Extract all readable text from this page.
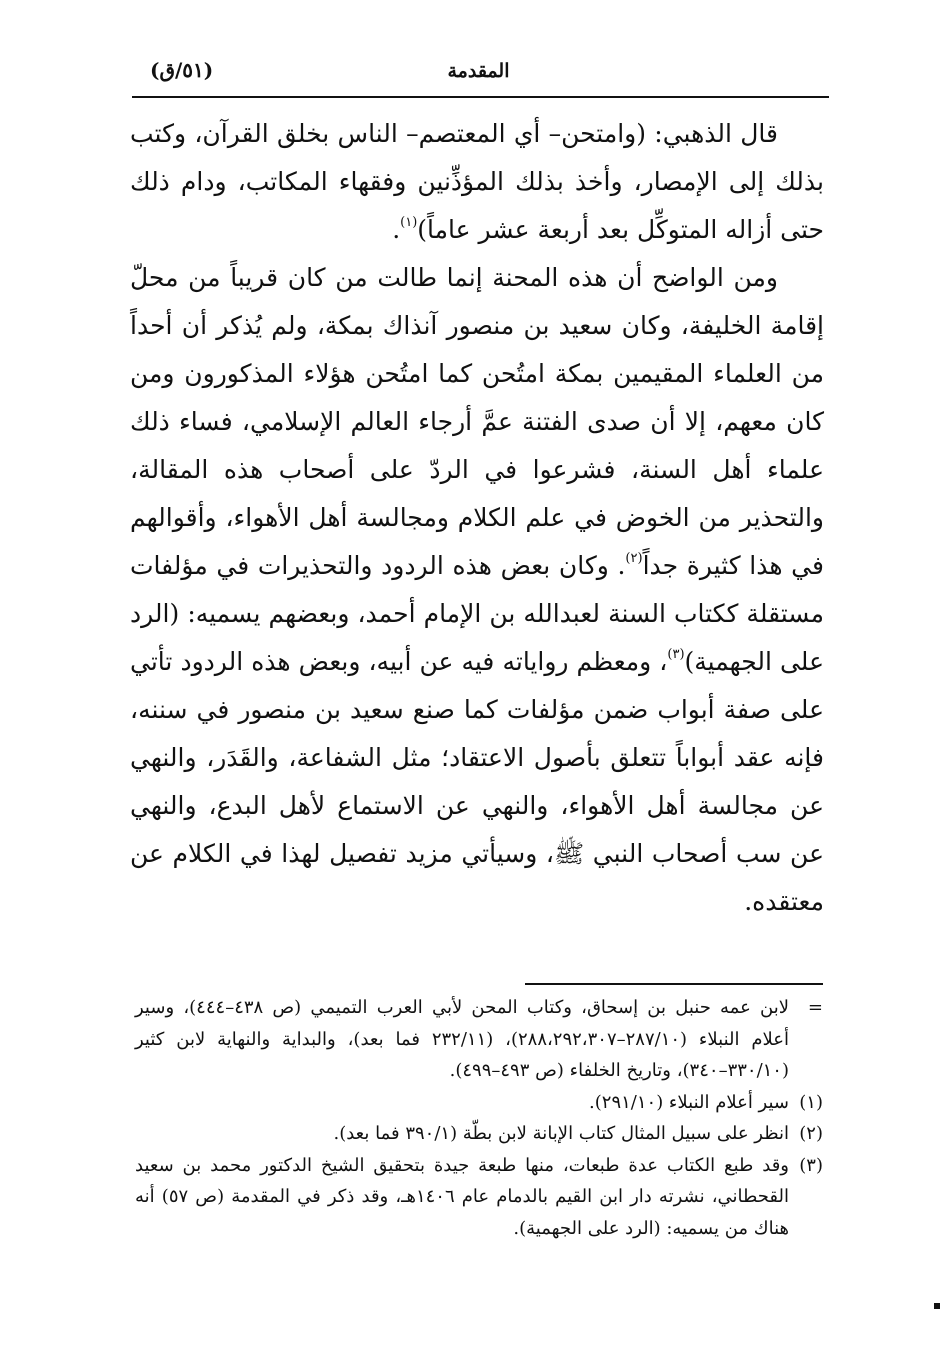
المقدمة
(٥١/ق)

قال الذهبي: (وامتحن– أي المعتصم– الناس بخلق القرآن، وكتب بذلك إلى الإمصار، وأخذ بذلك المؤذِّنين وفقهاء المكاتب، ودام ذلك حتى أزاله المتوكِّل بعد أربعة عشر عاماً)$^{(١)}$.

ومن الواضح أن هذه المحنة إنما طالت من كان قريباً من محلّ إقامة الخليفة، وكان سعيد بن منصور آنذاك بمكة، ولم يُذكر أن أحداً من العلماء المقيمين بمكة امتُحن كما امتُحن هؤلاء المذكورون ومن كان معهم، إلا أن صدى الفتنة عمَّ أرجاء العالم الإسلامي، فساء ذلك علماء أهل السنة، فشرعوا في الردّ على أصحاب هذه المقالة، والتحذير من الخوض في علم الكلام ومجالسة أهل الأهواء، وأقوالهم في هذا كثيرة جداً$^{(٢)}$. وكان بعض هذه الردود والتحذيرات في مؤلفات مستقلة ككتاب السنة لعبدالله بن الإمام أحمد، وبعضهم يسميه: (الرد على الجهمية)$^{(٣)}$، ومعظم رواياته فيه عن أبيه، وبعض هذه الردود تأتي على صفة أبواب ضمن مؤلفات كما صنع سعيد بن منصور في سننه، فإنه عقد أبواباً تتعلق بأصول الاعتقاد؛ مثل الشفاعة، والقَدَر، والنهي عن مجالسة أهل الأهواء، والنهي عن الاستماع لأهل البدع، والنهي عن سب أصحاب النبي ﷺ، وسيأتي مزيد تفصيل لهذا في الكلام عن معتقده.

=لابن عمه حنبل بن إسحاق، وكتاب المحن لأبي العرب التميمي (ص ٤٣٨–٤٤٤)، وسير أعلام النبلاء (٢٨٧/١٠–٢٨٨،٢٩٢،٣٠٧)، (٢٣٢/١١ فما بعد)، والبداية والنهاية لابن كثير (٣٣٠/١٠–٣٤٠)، وتاريخ الخلفاء (ص ٤٩٣–٤٩٩).

(١)سير أعلام النبلاء (٢٩١/١٠).

(٢)انظر على سبيل المثال كتاب الإبانة لابن بطّة (٣٩٠/١ فما بعد).

(٣)وقد طبع الكتاب عدة طبعات، منها طبعة جيدة بتحقيق الشيخ الدكتور محمد بن سعيد القحطاني، نشرته دار ابن القيم بالدمام عام ١٤٠٦هـ، وقد ذكر في المقدمة (ص ٥٧) أنه هناك من يسميه: (الرد على الجهمية).
